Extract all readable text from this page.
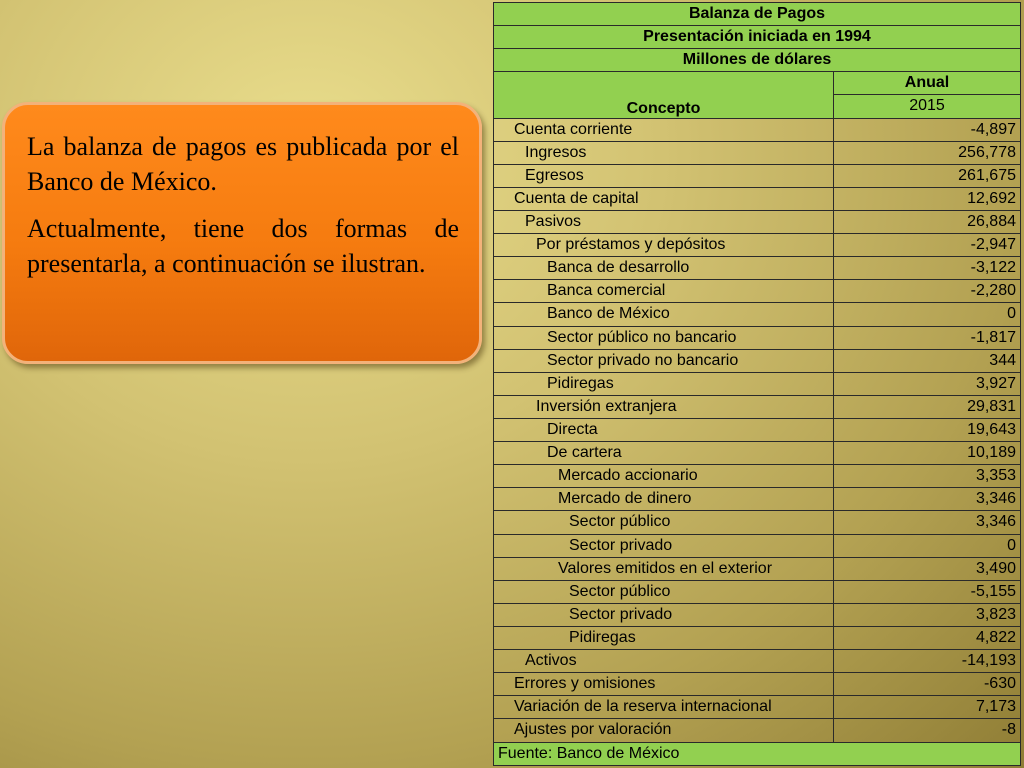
La balanza de pagos es publicada por el Banco de México.

Actualmente, tiene dos formas de presentarla, a continuación se ilustran.

Balanza de Pagos	
Presentación iniciada en 1994	
Millones de dólares	
Concepto	Anual
	2015
Cuenta corriente	-4,897
Ingresos	256,778
Egresos	261,675
Cuenta de capital	12,692
Pasivos	26,884
Por préstamos y depósitos	-2,947
Banca de desarrollo	-3,122
Banca comercial	-2,280
Banco de México	0
Sector público no bancario	-1,817
Sector privado no bancario	344
Pidiregas	3,927
Inversión extranjera	29,831
Directa	19,643
De cartera	10,189
Mercado accionario	3,353
Mercado de dinero	3,346
Sector público	3,346
Sector privado	0
Valores emitidos en el exterior	3,490
Sector público	-5,155
Sector privado	3,823
Pidiregas	4,822
Activos	-14,193
Errores y omisiones	-630
Variación de la reserva internacional	7,173
Ajustes por valoración	-8
Fuente: Banco de México	
